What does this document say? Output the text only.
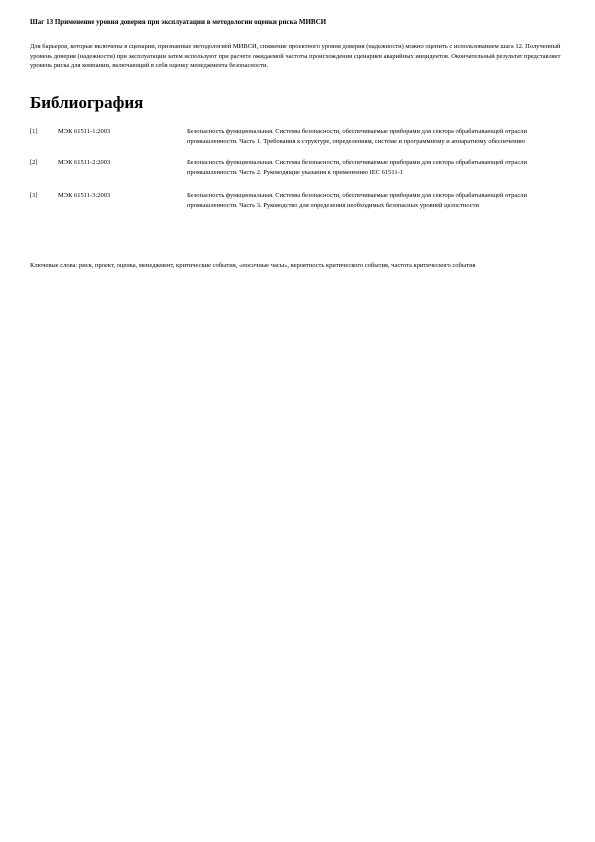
Шаг 13 Применение уровня доверия при эксплуатации в методологии оценки риска МИВСИ
Для барьеров, которые включены в сценарии, признанные методологией МИВСИ, снижение проектного уровня доверия (надежности) можно оценить с использованием шага 12. Полученный уровень доверия (надежности) при эксплуатации затем используют при расчете ожидаемой частоты происхождения сценариев аварийных инцидентов. Окончательный результат представляет уровень риска для компании, включающий в себя оценку менеджмента безопасности.
Библиография
[1]	МЭК 61511-1:2003	Безопасность функциональная. Системы безопасности, обеспечиваемые приборами для сектора обрабатывающей отрасли промышленности. Часть 1. Требования к структуре, определениям, системе и программному и аппаратному обеспечению
[2]	МЭК 61511-2:2003	Безопасность функциональная. Системы безопасности, обеспечиваемые приборами для сектора обрабатывающей отрасли промышленности. Часть 2. Руководящие указания к применению IEC 61511-1
[3]	МЭК 61511-3:2003	Безопасность функциональная. Системы безопасности, обеспечиваемые приборами для сектора обрабатывающей отрасли промышленности. Часть 3. Руководство для определения необходимых безопасных уровней целостности
Ключевые слова: риск, проект, оценка, менеджмент, критические события, «посочные часы», вероятность критического события, частота критического события
